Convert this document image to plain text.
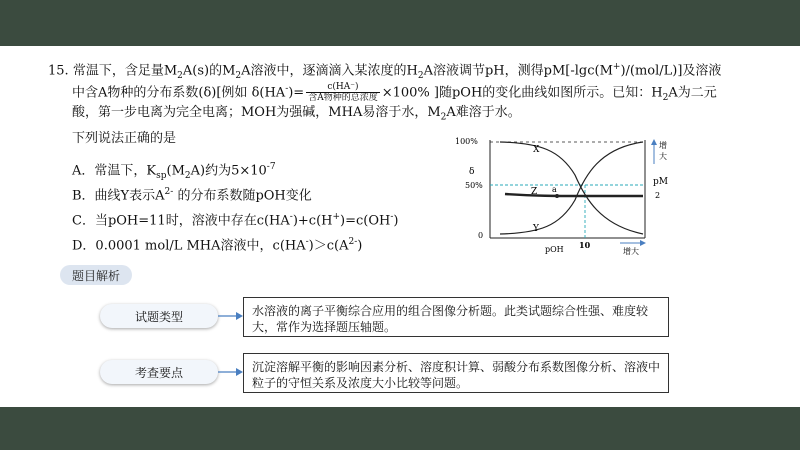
15. 常温下，含足量$M_2A(s)$的$M_2A$溶液中，逐滴滴入某浓度的$H_2A$溶液调节pH，测得pM[-lgc(M+)/(mol/L)]及溶液
中含A物种的分布系数(δ)[例如 $\delta(HA^-)= \frac{c(HA^-)}{\text{含A物种的总浓度}} \times 100\%$ ]随pOH的变化曲线如图所示。已知：$H_2A$为二元
酸，第一步电离为完全电离；MOH为强碱，MHA易溶于水，$M_2A$难溶于水。
下列说法正确的是
A．常温下，$K_{sp}(M_2A)$约为$5\times 10^{-7}$
B．曲线Y表示$A^{2-}$ 的分布系数随pOH变化
C．当pOH=11时，溶液中存在c(HA-)+c(H+)=c(OH-)
D．0.0001 mol/L MHA溶液中，$c(HA^-)>c(A^{2-})$
100%
δ
50%
0
X
Z a
Y
pOH 10
增大
增
大
pM
2
题目解析
试题类型	水溶液的离子平衡综合应用的组合图像分析题。此类试题综合性强、难度较大，常作为选择题压轴题。
考查要点	沉淀溶解平衡的影响因素分析、溶度积计算、弱酸分布系数图像分析、溶液中粒子的守恒关系及浓度大小比较等问题。
